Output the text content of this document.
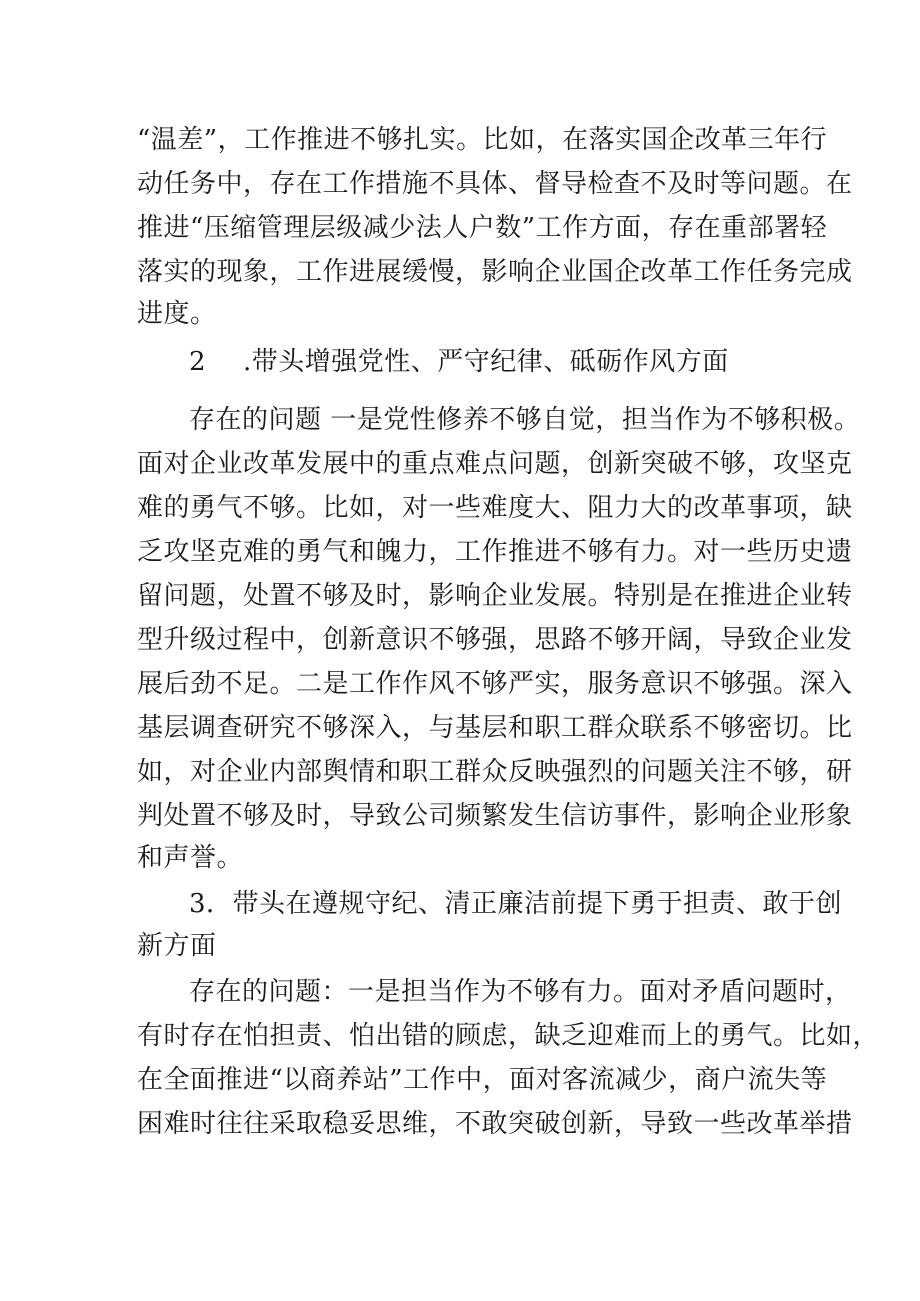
“温差”，工作推进不够扎实。比如，在落实国企改革三年行
动任务中，存在工作措施不具体、督导检查不及时等问题。在
推进“压缩管理层级减少法人户数”工作方面，存在重部署轻
落实的现象，工作进展缓慢，影响企业国企改革工作任务完成
进度。
2 .带头增强党性、严守纪律、砥砺作风方面
存在的问题 一是党性修养不够自觉，担当作为不够积极。
面对企业改革发展中的重点难点问题，创新突破不够，攻坚克
难的勇气不够。比如，对一些难度大、阻力大的改革事项，缺
乏攻坚克难的勇气和魄力，工作推进不够有力。对一些历史遗
留问题，处置不够及时，影响企业发展。特别是在推进企业转
型升级过程中，创新意识不够强，思路不够开阔，导致企业发
展后劲不足。二是工作作风不够严实，服务意识不够强。深入
基层调查研究不够深入，与基层和职工群众联系不够密切。比
如，对企业内部舆情和职工群众反映强烈的问题关注不够，研
判处置不够及时，导致公司频繁发生信访事件，影响企业形象
和声誉。
3．带头在遵规守纪、清正廉洁前提下勇于担责、敢于创
新方面
存在的问题：一是担当作为不够有力。面对矛盾问题时，
有时存在怕担责、怕出错的顾虑，缺乏迎难而上的勇气。比如，
在全面推进“以商养站”工作中，面对客流减少，商户流失等
困难时往往采取稳妥思维，不敢突破创新，导致一些改革举措
